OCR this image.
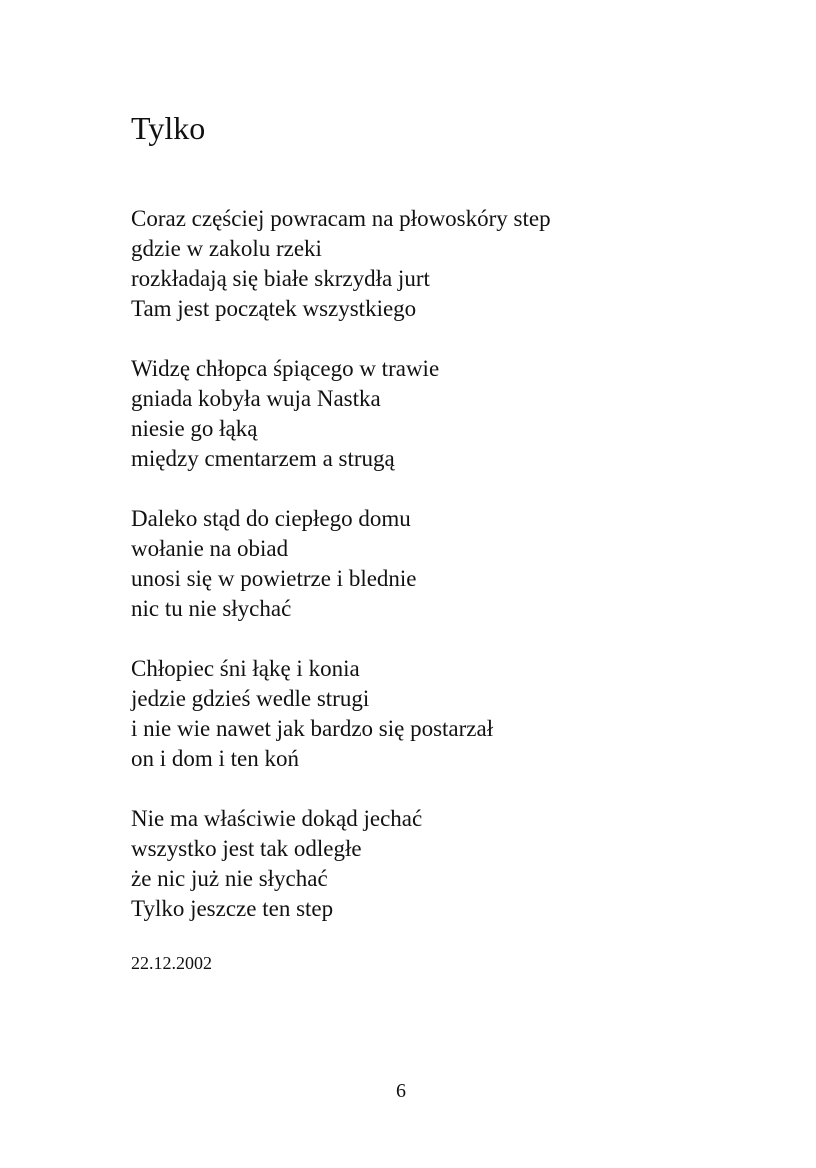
Tylko
Coraz częściej powracam na płowoskóry step
gdzie w zakolu rzeki
rozkładają się białe skrzydła jurt
Tam jest początek wszystkiego
Widzę chłopca śpiącego w trawie
gniada kobyła wuja Nastka
niesie go łąką
między cmentarzem a strugą
Daleko stąd do ciepłego domu
wołanie na obiad
unosi się w powietrze i blednie
nic tu nie słychać
Chłopiec śni łąkę i konia
jedzie gdzieś wedle strugi
i nie wie nawet jak bardzo się postarzał
on i dom i ten koń
Nie ma właściwie dokąd jechać
wszystko jest tak odległe
że nic już nie słychać
Tylko jeszcze ten step
22.12.2002
6
